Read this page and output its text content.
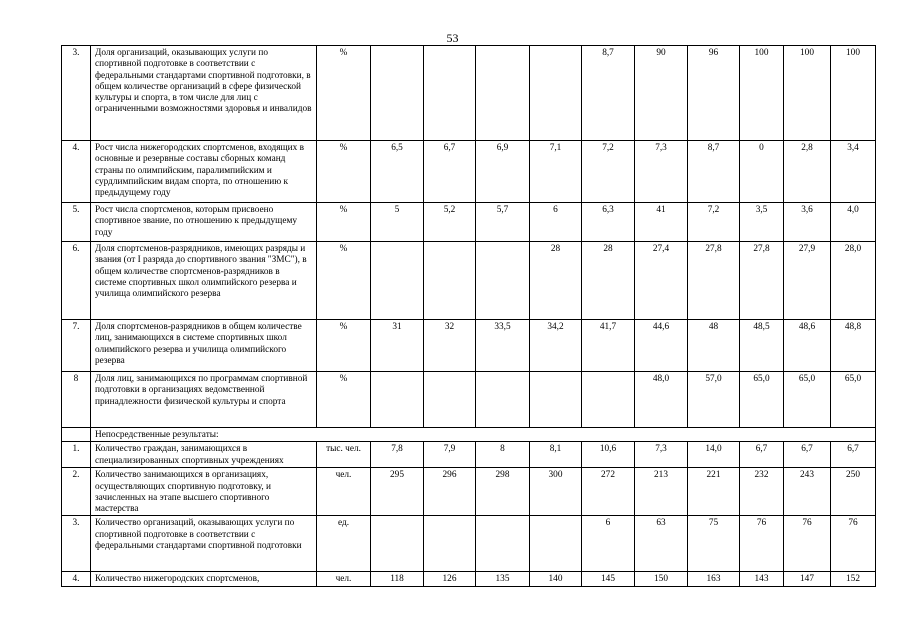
53
3.	Доля организаций, оказывающих услуги по спортивной подготовке в соответствии с федеральными стандартами спортивной подготовки, в общем количестве организаций в сфере физической культуры и спорта, в том числе для лиц с ограниченными возможностями здоровья и инвалидов	%					8,7	90	96	100	100	100
4.	Рост числа нижегородских спортсменов, входящих в основные и резервные составы сборных команд страны по олимпийским, паралимпийским и сурдлимпийским видам спорта, по отношению к предыдущему году	%	6,5	6,7	6,9	7,1	7,2	7,3	8,7	0	2,8	3,4
5.	Рост числа спортсменов, которым присвоено спортивное звание, по отношению к предыдущему году	%	5	5,2	5,7	6	6,3	41	7,2	3,5	3,6	4,0
6.	Доля спортсменов-разрядников, имеющих разряды и звания (от I разряда до спортивного звания "ЗМС"), в общем количестве спортсменов-разрядников в системе спортивных школ олимпийского резерва и училища олимпийского резерва	%				28	28	27,4	27,8	27,8	27,9	28,0
7.	Доля спортсменов-разрядников в общем количестве лиц, занимающихся в системе спортивных школ олимпийского резерва и училища олимпийского резерва	%	31	32	33,5	34,2	41,7	44,6	48	48,5	48,6	48,8
8	Доля лиц, занимающихся по программам спортивной подготовки в организациях ведомственной принадлежности физической культуры и спорта	%						48,0	57,0	65,0	65,0	65,0
	Непосредственные результаты:											
1.	Количество граждан, занимающихся в специализированных спортивных учреждениях	тыс. чел.	7,8	7,9	8	8,1	10,6	7,3	14,0	6,7	6,7	6,7
2.	Количество занимающихся в организациях, осуществляющих спортивную подготовку, и зачисленных на этапе высшего спортивного мастерства	чел.	295	296	298	300	272	213	221	232	243	250
3.	Количество организаций, оказывающих услуги по спортивной подготовке в соответствии с федеральными стандартами спортивной подготовки	ед.					6	63	75	76	76	76
4.	Количество нижегородских спортсменов,	чел.	118	126	135	140	145	150	163	143	147	152
